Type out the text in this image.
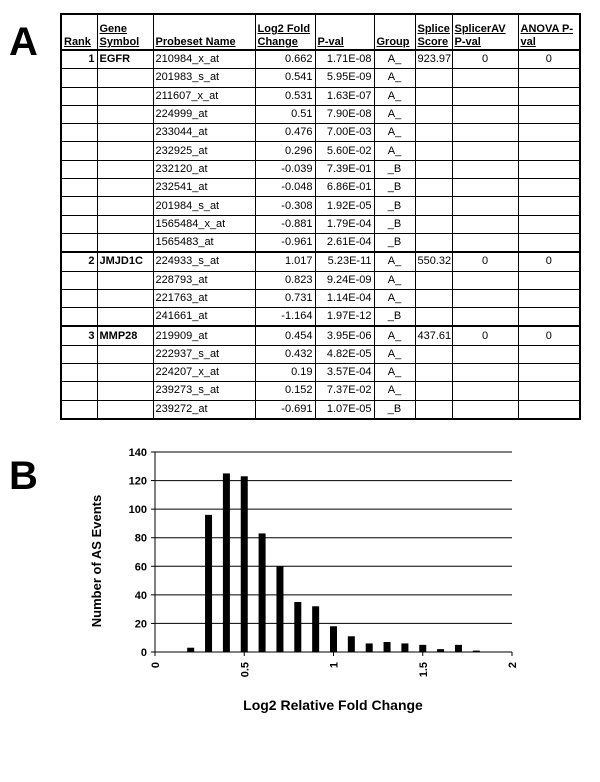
A
B
Rank	Gene Symbol	Probeset Name	Log2 Fold Change	P-val	Group	Splice Score	SplicerAV P-val	ANOVA P-val
1	EGFR	210984_x_at	0.662	1.71E-08	A_	923.97	0	0
		201983_s_at	0.541	5.95E-09	A_			
		211607_x_at	0.531	1.63E-07	A_			
		224999_at	0.51	7.90E-08	A_			
		233044_at	0.476	7.00E-03	A_			
		232925_at	0.296	5.60E-02	A_			
		232120_at	-0.039	7.39E-01	_B			
		232541_at	-0.048	6.86E-01	_B			
		201984_s_at	-0.308	1.92E-05	_B			
		1565484_x_at	-0.881	1.79E-04	_B			
		1565483_at	-0.961	2.61E-04	_B			
2	JMJD1C	224933_s_at	1.017	5.23E-11	A_	550.32	0	0
		228793_at	0.823	9.24E-09	A_			
		221763_at	0.731	1.14E-04	A_			
		241661_at	-1.164	1.97E-12	_B			
3	MMP28	219909_at	0.454	3.95E-06	A_	437.61	0	0
		222937_s_at	0.432	4.82E-05	A_			
		224207_x_at	0.19	3.57E-04	A_			
		239273_s_at	0.152	7.37E-02	A_			
		239272_at	-0.691	1.07E-05	_B			
0
20
40
60
80
100
120
140
0	0.5	1	1.5	2
Number of AS Events
Log2 Relative Fold Change
